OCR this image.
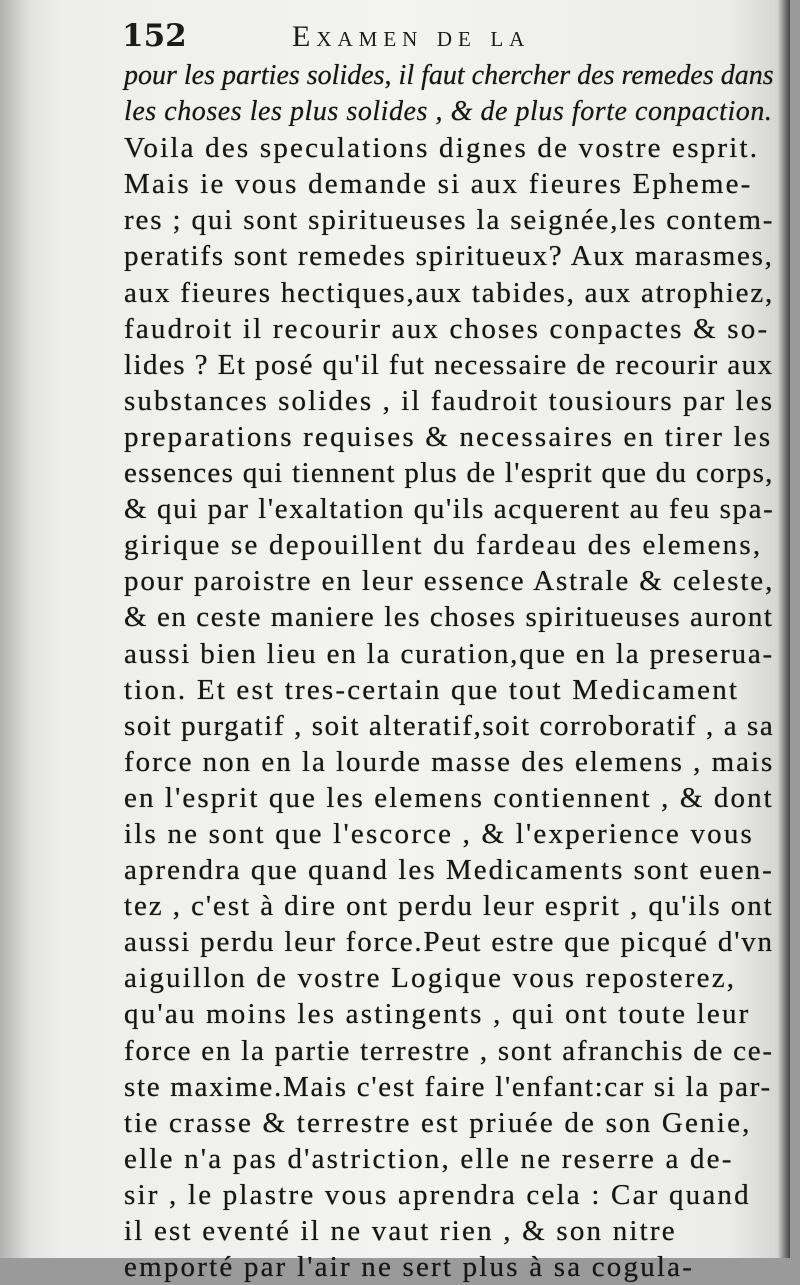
152	Examen de la
pour les parties solides, il faut chercher des remedes dans
les choses les plus solides , & de plus forte conpaction.
Voila des speculations dignes de vostre esprit.
Mais ie vous demande si aux fieures Epheme-
res ; qui sont spiritueuses la seignée,les contem-
peratifs sont remedes spiritueux? Aux marasmes,
aux fieures hectiques,aux tabides, aux atrophiez,
faudroit il recourir aux choses conpactes & so-
lides ? Et posé qu'il fut necessaire de recourir aux
substances solides , il faudroit tousiours par les
preparations requises & necessaires en tirer les
essences qui tiennent plus de l'esprit que du corps,
& qui par l'exaltation qu'ils acquerent au feu spa-
girique se depouillent du fardeau des elemens,
pour paroistre en leur essence Astrale & celeste,
& en ceste maniere les choses spiritueuses auront
aussi bien lieu en la curation,que en la preserua-
tion. Et est tres-certain que tout Medicament
soit purgatif , soit alteratif,soit corroboratif , a sa
force non en la lourde masse des elemens , mais
en l'esprit que les elemens contiennent , & dont
ils ne sont que l'escorce , & l'experience vous
aprendra que quand les Medicaments sont euen-
tez , c'est à dire ont perdu leur esprit , qu'ils ont
aussi perdu leur force.Peut estre que picqué d'vn
aiguillon de vostre Logique vous reposterez,
qu'au moins les astingents , qui ont toute leur
force en la partie terrestre , sont afranchis de ce-
ste maxime.Mais c'est faire l'enfant:car si la par-
tie crasse & terrestre est priuée de son Genie,
elle n'a pas d'astriction, elle ne reserre a de-
sir , le plastre vous aprendra cela : Car quand
il est eventé il ne vaut rien , & son nitre
emporté par l'air ne sert plus à sa cogula-
